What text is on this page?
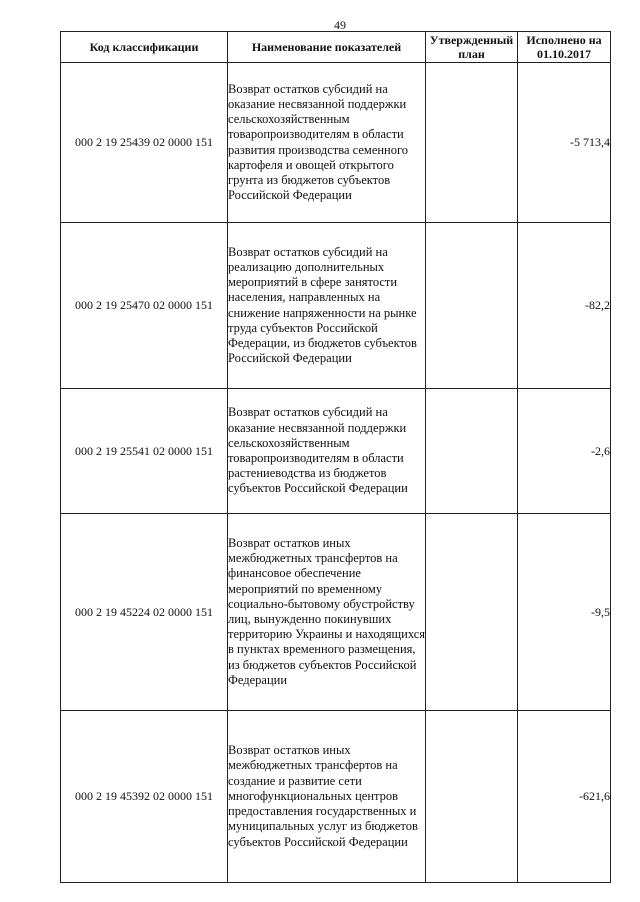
49
Код классификации	Наименование показателей	Утвержденный план	Исполнено на 01.10.2017
000 2 19 25439 02 0000 151	Возврат остатков субсидий на оказание несвязанной поддержки сельскохозяйственным товаропроизводителям в области развития производства семенного картофеля и овощей открытого грунта из бюджетов субъектов Российской Федерации		-5 713,4
000 2 19 25470 02 0000 151	Возврат остатков субсидий на реализацию дополнительных мероприятий в сфере занятости населения, направленных на снижение напряженности на рынке труда субъектов Российской Федерации, из бюджетов субъектов Российской Федерации		-82,2
000 2 19 25541 02 0000 151	Возврат остатков субсидий на оказание несвязанной поддержки сельскохозяйственным товаропроизводителям в области растениеводства из бюджетов субъектов Российской Федерации		-2,6
000 2 19 45224 02 0000 151	Возврат остатков иных межбюджетных трансфертов на финансовое обеспечение мероприятий по временному социально-бытовому обустройству лиц, вынужденно покинувших территорию Украины и находящихся в пунктах временного размещения, из бюджетов субъектов Российской Федерации		-9,5
000 2 19 45392 02 0000 151	Возврат остатков иных межбюджетных трансфертов на создание и развитие сети многофункциональных центров предоставления государственных и муниципальных услуг из бюджетов субъектов Российской Федерации		-621,6
